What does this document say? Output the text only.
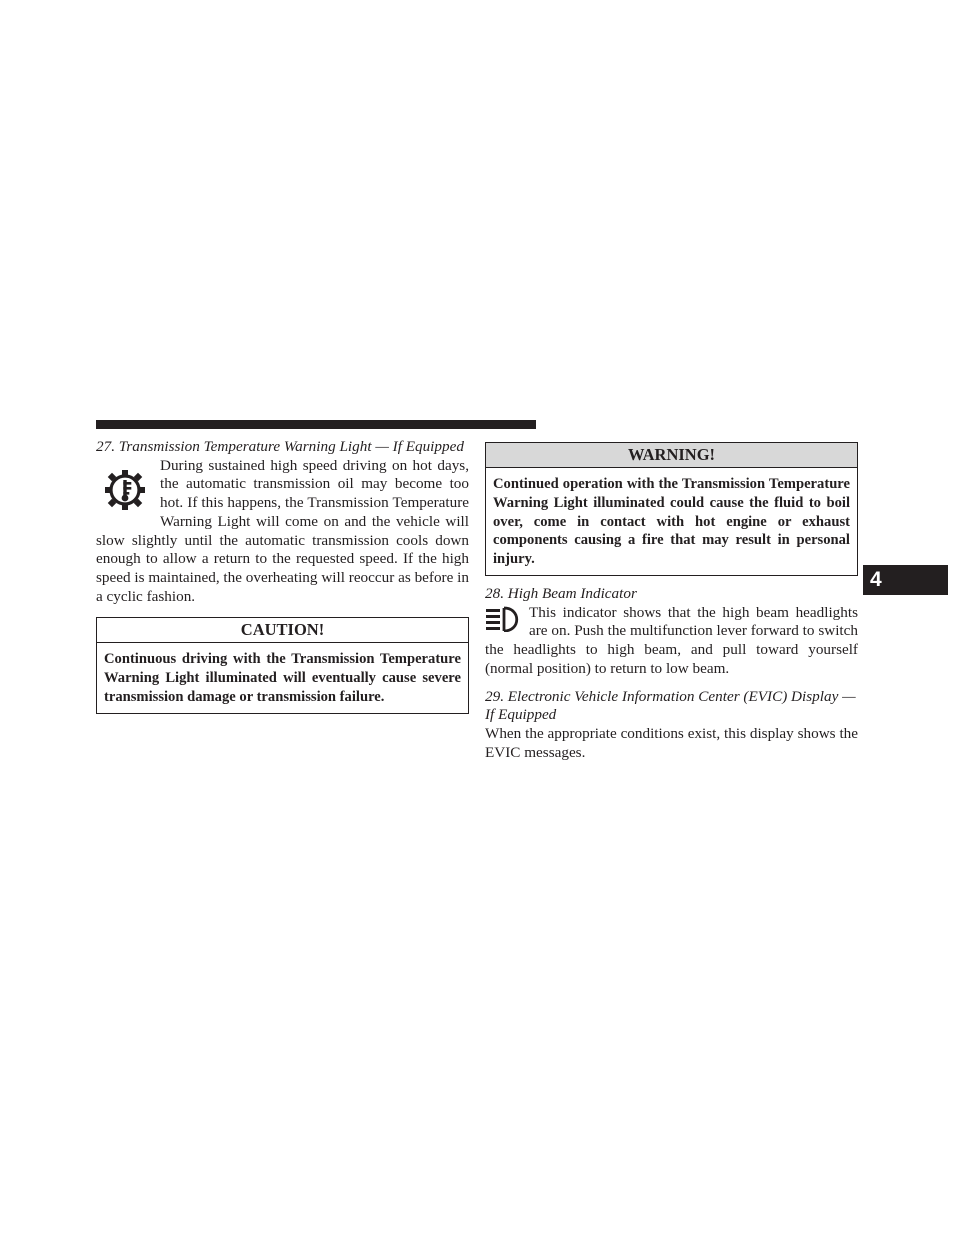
27. Transmission Temperature Warning Light — If Equipped

During sustained high speed driving on hot days, the automatic transmission oil may become too hot. If this happens, the Transmission Temperature Warning Light will come on and the vehicle will slow slightly until the automatic transmission cools down enough to allow a return to the requested speed. If the high speed is maintained, the overheating will reoccur as before in a cyclic fashion.

CAUTION!
Continuous driving with the Transmission Temperature Warning Light illuminated will eventually cause severe transmission damage or transmission failure.
WARNING!
Continued operation with the Transmission Temperature Warning Light illuminated could cause the fluid to boil over, come in contact with hot engine or exhaust components causing a fire that may result in personal injury.

28. High Beam Indicator

This indicator shows that the high beam headlights are on. Push the multifunction lever forward to switch the headlights to high beam, and pull toward yourself (normal position) to return to low beam.

29. Electronic Vehicle Information Center (EVIC) Display — If Equipped

When the appropriate conditions exist, this display shows the EVIC messages.

4
